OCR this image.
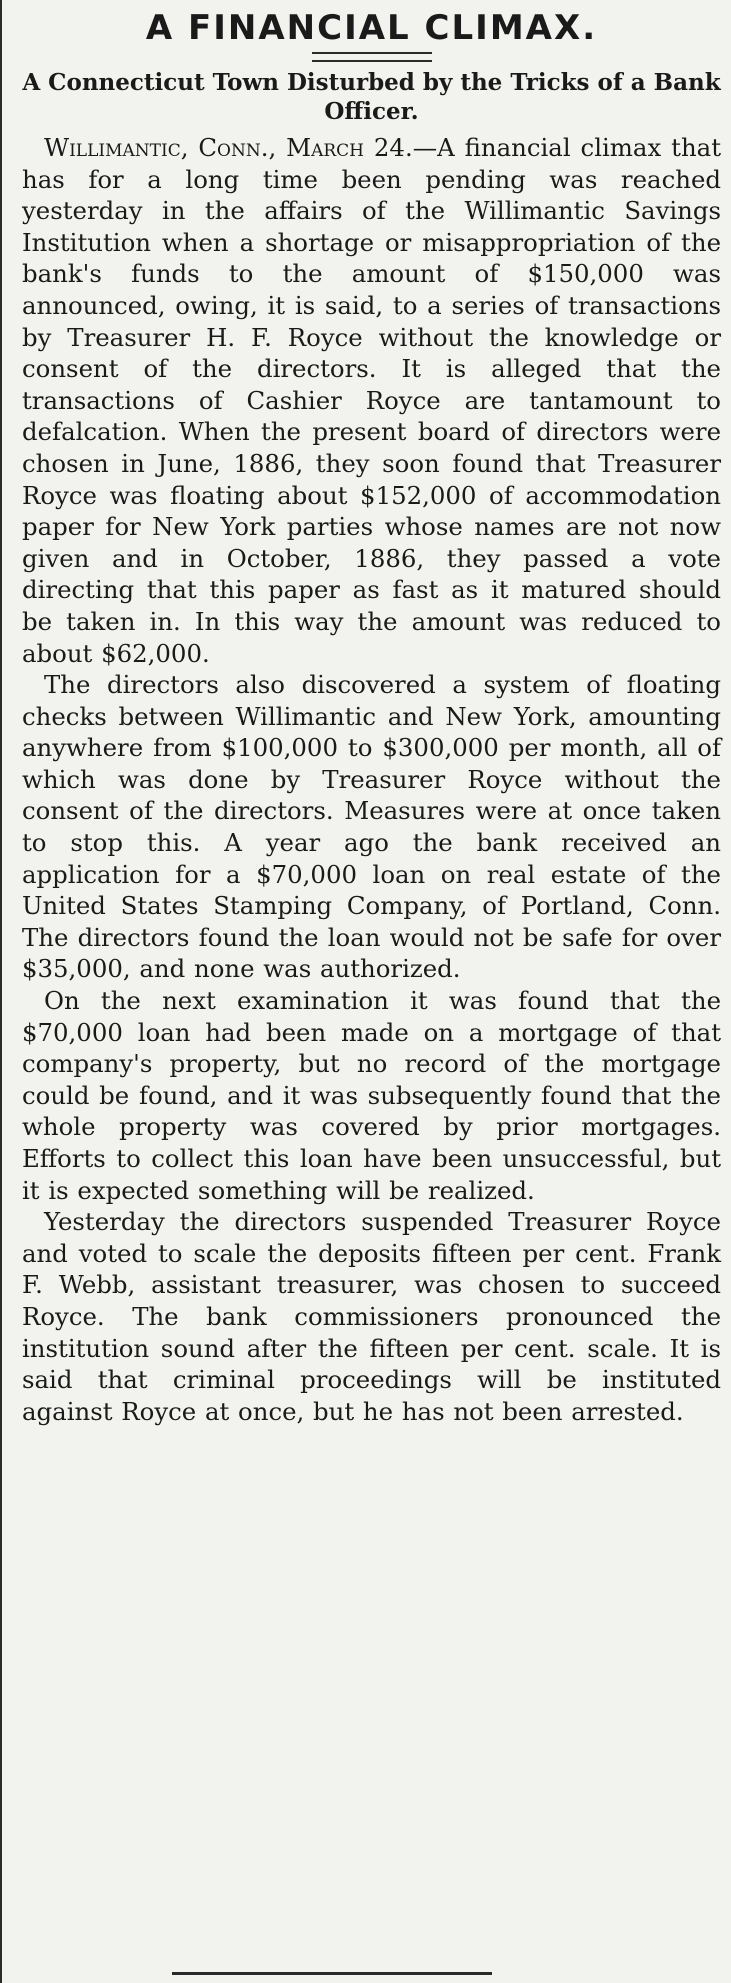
A FINANCIAL CLIMAX.
A Connecticut Town Disturbed by the Tricks of a Bank Officer.

Willimantic, Conn., March 24.—A financial climax that has for a long time been pending was reached yesterday in the affairs of the Willimantic Savings Institution when a shortage or misappropriation of the bank's funds to the amount of $150,000 was announced, owing, it is said, to a series of transactions by Treasurer H. F. Royce without the knowledge or consent of the directors. It is alleged that the transactions of Cashier Royce are tantamount to defalcation. When the present board of directors were chosen in June, 1886, they soon found that Treasurer Royce was floating about $152,000 of accommodation paper for New York parties whose names are not now given and in October, 1886, they passed a vote directing that this paper as fast as it matured should be taken in. In this way the amount was reduced to about $62,000.

The directors also discovered a system of floating checks between Willimantic and New York, amounting anywhere from $100,000 to $300,000 per month, all of which was done by Treasurer Royce without the consent of the directors. Measures were at once taken to stop this. A year ago the bank received an application for a $70,000 loan on real estate of the United States Stamping Company, of Portland, Conn. The directors found the loan would not be safe for over $35,000, and none was authorized.

On the next examination it was found that the $70,000 loan had been made on a mortgage of that company's property, but no record of the mortgage could be found, and it was subsequently found that the whole property was covered by prior mortgages. Efforts to collect this loan have been unsuccessful, but it is expected something will be realized.

Yesterday the directors suspended Treasurer Royce and voted to scale the deposits fifteen per cent. Frank F. Webb, assistant treasurer, was chosen to succeed Royce. The bank commissioners pronounced the institution sound after the fifteen per cent. scale. It is said that criminal proceedings will be instituted against Royce at once, but he has not been arrested.
